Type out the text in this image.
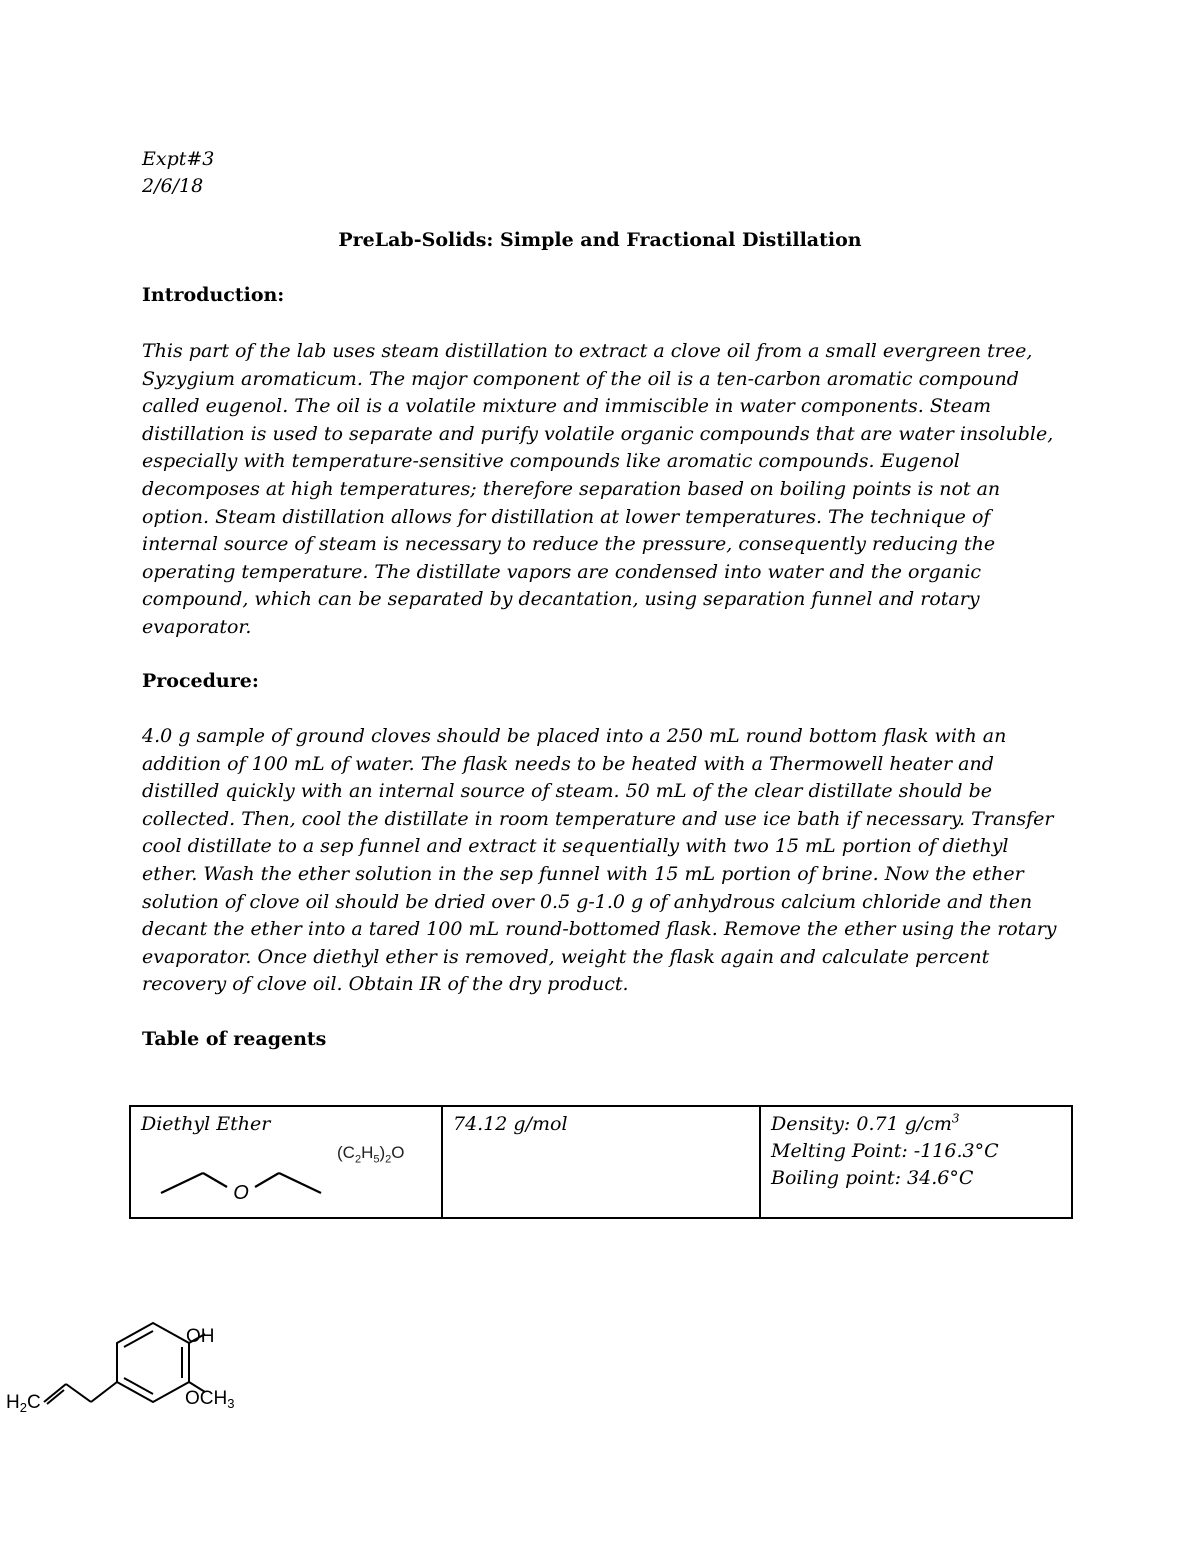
Expt#3
2/6/18
PreLab-Solids: Simple and Fractional Distillation
Introduction:
This part of the lab uses steam distillation to extract a clove oil from a small evergreen tree,
Syzygium aromaticum. The major component of the oil is a ten-carbon aromatic compound
called eugenol. The oil is a volatile mixture and immiscible in water components. Steam
distillation is used to separate and purify volatile organic compounds that are water insoluble,
especially with temperature-sensitive compounds like aromatic compounds. Eugenol
decomposes at high temperatures; therefore separation based on boiling points is not an
option. Steam distillation allows for distillation at lower temperatures. The technique of
internal source of steam is necessary to reduce the pressure, consequently reducing the
operating temperature. The distillate vapors are condensed into water and the organic
compound, which can be separated by decantation, using separation funnel and rotary
evaporator.
Procedure:
4.0 g sample of ground cloves should be placed into a 250 mL round bottom flask with an
addition of 100 mL of water. The flask needs to be heated with a Thermowell heater and
distilled quickly with an internal source of steam. 50 mL of the clear distillate should be
collected. Then, cool the distillate in room temperature and use ice bath if necessary. Transfer
cool distillate to a sep funnel and extract it sequentially with two 15 mL portion of diethyl
ether. Wash the ether solution in the sep funnel with 15 mL portion of brine. Now the ether
solution of clove oil should be dried over 0.5 g-1.0 g of anhydrous calcium chloride and then
decant the ether into a tared 100 mL round-bottomed flask. Remove the ether using the rotary
evaporator. Once diethyl ether is removed, weight the flask again and calculate percent
recovery of clove oil. Obtain IR of the dry product.
Table of reagents
Diethyl Ether
$(C_2H_5)_2O$
O
	74.12 g/mol	Density: 0.71 $g/cm^3$
Melting Point: -116.3°C
Boiling point: 34.6°C
OH
$OCH_3$
$H_2C$
